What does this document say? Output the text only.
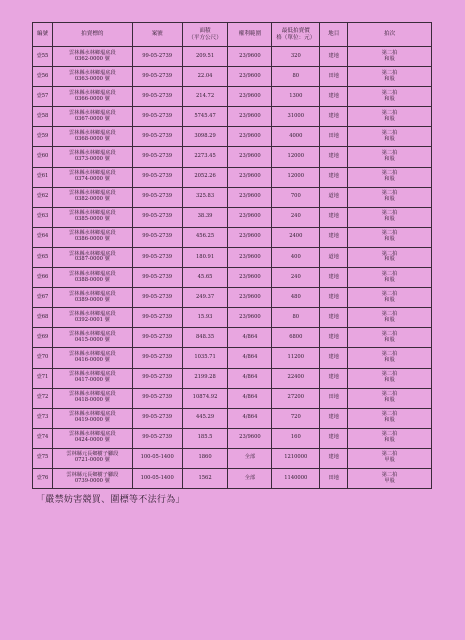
編號	拍賣標的	案號	面積
（平方公尺）	權利範圍	最低拍賣價
格（單位：元）	地目	拍次
壹55	雲林縣水林鄉塭底段
0362-0000 號	99-05-2739	209.51	23/9600	320	建地	第二拍
和股

壹56	雲林縣水林鄉塭底段
0363-0000 號	99-05-2739	22.04	23/9600	80	田地	第二拍
和股

壹57	雲林縣水林鄉塭底段
0366-0000 號	99-05-2739	214.72	23/9600	1300	建地	第二拍
和股

壹58	雲林縣水林鄉塭底段
0367-0000 號	99-05-2739	5745.47	23/9600	31000	建地	第二拍
和股

壹59	雲林縣水林鄉塭底段
0368-0000 號	99-05-2739	3098.29	23/9600	4000	田地	第二拍
和股

壹60	雲林縣水林鄉塭底段
0373-0000 號	99-05-2739	2273.45	23/9600	12000	建地	第二拍
和股

壹61	雲林縣水林鄉塭底段
0374-0000 號	99-05-2739	2052.26	23/9600	12000	建地	第二拍
和股

壹62	雲林縣水林鄉塭底段
0382-0000 號	99-05-2739	325.83	23/9600	700	道地	第二拍
和股

壹63	雲林縣水林鄉塭底段
0385-0000 號	99-05-2739	38.39	23/9600	240	建地	第二拍
和股

壹64	雲林縣水林鄉塭底段
0386-0000 號	99-05-2739	456.25	23/9600	2400	建地	第二拍
和股

壹65	雲林縣水林鄉塭底段
0387-0000 號	99-05-2739	180.91	23/9600	400	道地	第二拍
和股

壹66	雲林縣水林鄉塭底段
0388-0000 號	99-05-2739	45.65	23/9600	240	建地	第二拍
和股

壹67	雲林縣水林鄉塭底段
0389-0000 號	99-05-2739	249.37	23/9600	480	建地	第二拍
和股

壹68	雲林縣水林鄉塭底段
0392-0001 號	99-05-2739	15.93	23/9600	80	建地	第二拍
和股

壹69	雲林縣水林鄉塭底段
0415-0000 號	99-05-2739	848.35	4/864	6800	建地	第二拍
和股

壹70	雲林縣水林鄉塭底段
0416-0000 號	99-05-2739	1035.71	4/864	11200	建地	第二拍
和股

壹71	雲林縣水林鄉塭底段
0417-0000 號	99-05-2739	2199.28	4/864	22400	建地	第二拍
和股

壹72	雲林縣水林鄉塭底段
0418-0000 號	99-05-2739	10874.92	4/864	27200	田地	第二拍
和股

壹73	雲林縣水林鄉塭底段
0419-0000 號	99-05-2739	445.29	4/864	720	建地	第二拍
和股

壹74	雲林縣水林鄉塭底段
0424-0000 號	99-05-2739	185.5	23/9600	160	建地	第二拍
和股

壹75	雲林縣元長鄉樹子腳段
0721-0000 號	100-05-1400	1860	全部	1210000	建地	第二拍
甲股

壹76	雲林縣元長鄉樹子腳段
0739-0000 號	100-05-1400	1562	全部	1140000	田地	第二拍
甲股
「嚴禁妨害競買、圍標等不法行為」
